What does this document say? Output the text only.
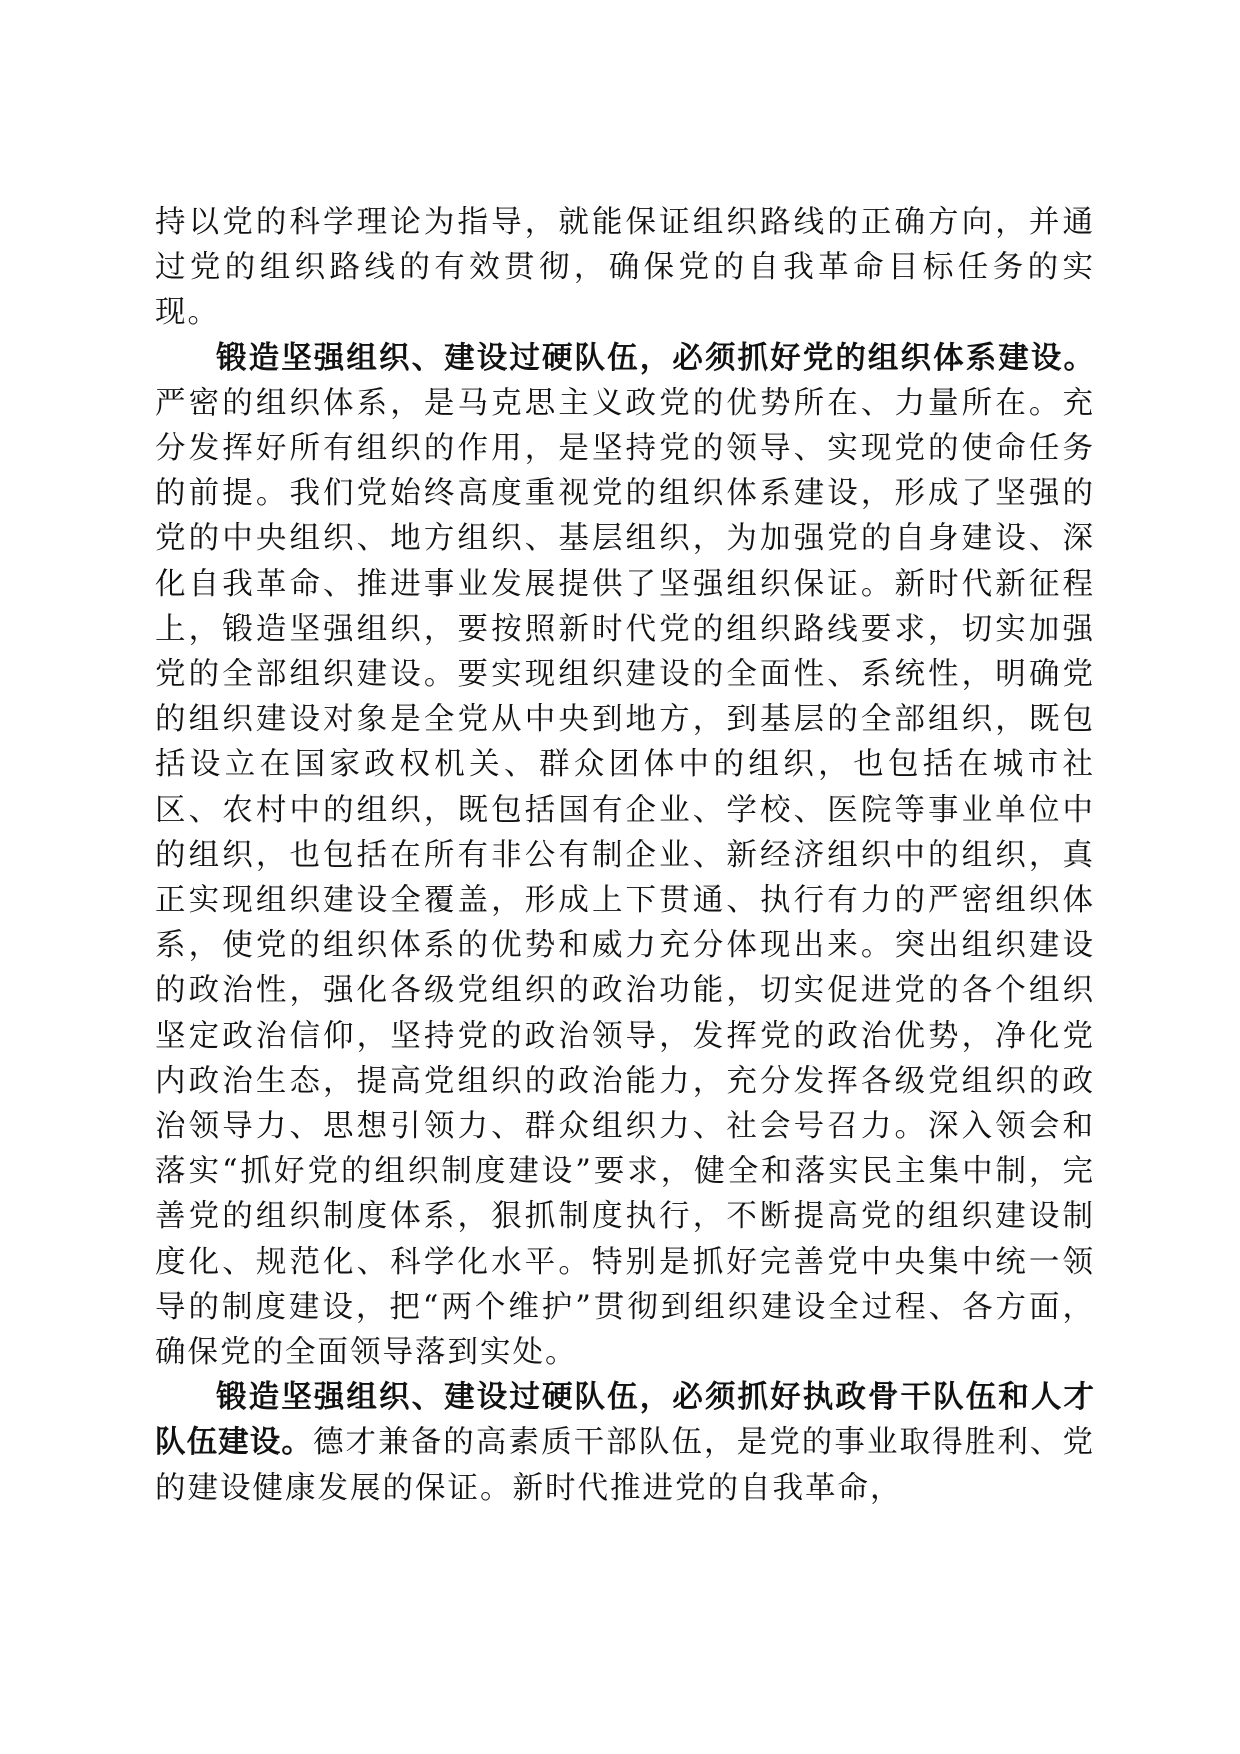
持以党的科学理论为指导，就能保证组织路线的正确方向，并通过党的组织路线的有效贯彻，确保党的自我革命目标任务的实现。

锻造坚强组织、建设过硬队伍，必须抓好党的组织体系建设。严密的组织体系，是马克思主义政党的优势所在、力量所在。充分发挥好所有组织的作用，是坚持党的领导、实现党的使命任务的前提。我们党始终高度重视党的组织体系建设，形成了坚强的党的中央组织、地方组织、基层组织，为加强党的自身建设、深化自我革命、推进事业发展提供了坚强组织保证。新时代新征程上，锻造坚强组织，要按照新时代党的组织路线要求，切实加强党的全部组织建设。要实现组织建设的全面性、系统性，明确党的组织建设对象是全党从中央到地方，到基层的全部组织，既包括设立在国家政权机关、群众团体中的组织，也包括在城市社区、农村中的组织，既包括国有企业、学校、医院等事业单位中的组织，也包括在所有非公有制企业、新经济组织中的组织，真正实现组织建设全覆盖，形成上下贯通、执行有力的严密组织体系，使党的组织体系的优势和威力充分体现出来。突出组织建设的政治性，强化各级党组织的政治功能，切实促进党的各个组织坚定政治信仰，坚持党的政治领导，发挥党的政治优势，净化党内政治生态，提高党组织的政治能力，充分发挥各级党组织的政治领导力、思想引领力、群众组织力、社会号召力。深入领会和落实“抓好党的组织制度建设”要求，健全和落实民主集中制，完善党的组织制度体系，狠抓制度执行，不断提高党的组织建设制度化、规范化、科学化水平。特别是抓好完善党中央集中统一领导的制度建设，把“两个维护”贯彻到组织建设全过程、各方面，确保党的全面领导落到实处。

锻造坚强组织、建设过硬队伍，必须抓好执政骨干队伍和人才队伍建设。德才兼备的高素质干部队伍，是党的事业取得胜利、党的建设健康发展的保证。新时代推进党的自我革命，
